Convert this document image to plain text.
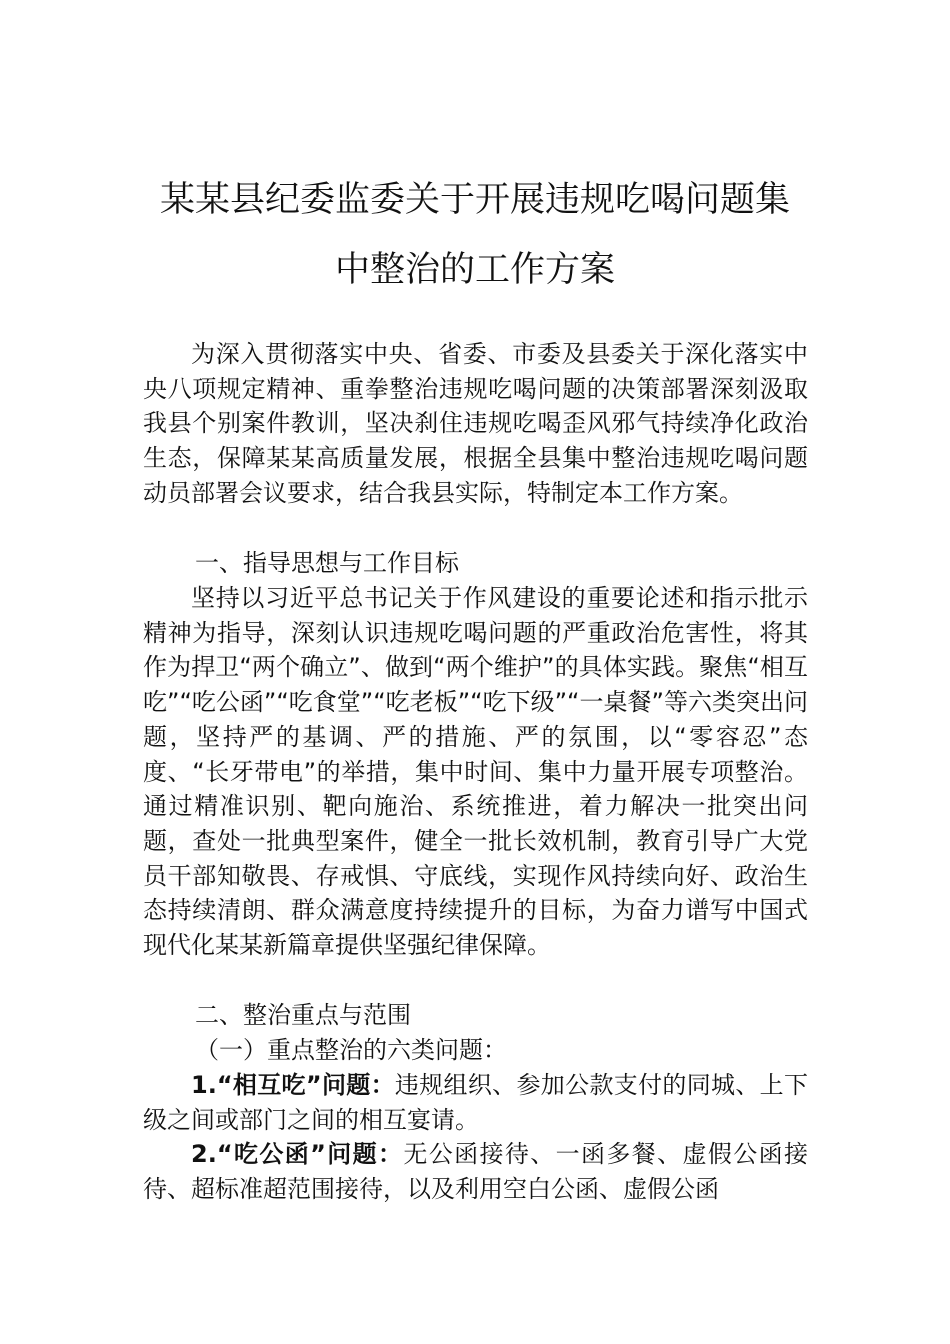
某某县纪委监委关于开展违规吃喝问题集
中整治的工作方案

为深入贯彻落实中央、省委、市委及县委关于深化落实中央八项规定精神、重拳整治违规吃喝问题的决策部署深刻汲取我县个别案件教训，坚决刹住违规吃喝歪风邪气持续净化政治生态，保障某某高质量发展，根据全县集中整治违规吃喝问题动员部署会议要求，结合我县实际，特制定本工作方案。

一、指导思想与工作目标

坚持以习近平总书记关于作风建设的重要论述和指示批示精神为指导，深刻认识违规吃喝问题的严重政治危害性，将其作为捍卫“两个确立”、做到“两个维护”的具体实践。聚焦“相互吃”“吃公函”“吃食堂”“吃老板”“吃下级”“一桌餐”等六类突出问题，坚持严的基调、严的措施、严的氛围，以“零容忍”态度、“长牙带电”的举措，集中时间、集中力量开展专项整治。通过精准识别、靶向施治、系统推进，着力解决一批突出问题，查处一批典型案件，健全一批长效机制，教育引导广大党员干部知敬畏、存戒惧、守底线，实现作风持续向好、政治生态持续清朗、群众满意度持续提升的目标，为奋力谱写中国式现代化某某新篇章提供坚强纪律保障。

二、整治重点与范围

（一）重点整治的六类问题：

1.“相互吃”问题：违规组织、参加公款支付的同城、上下级之间或部门之间的相互宴请。

2.“吃公函”问题：无公函接待、一函多餐、虚假公函接待、超标准超范围接待，以及利用空白公函、虚假公函
